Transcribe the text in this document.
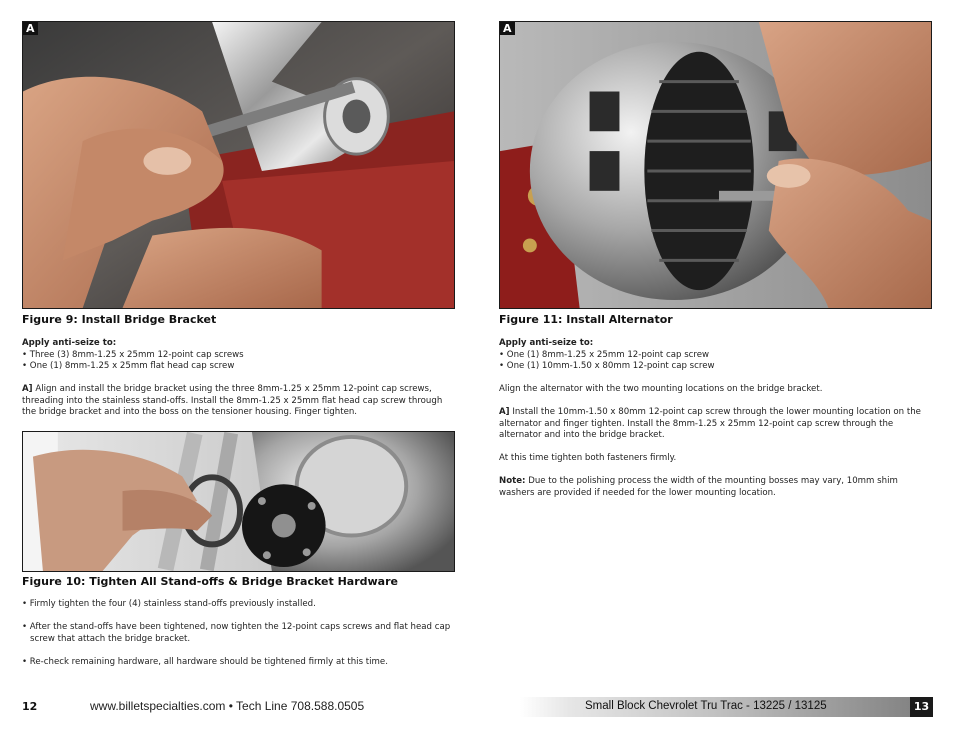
A
Figure 9: Install Bridge Bracket

Apply anti-seize to:

• Three (3) 8mm-1.25 x 25mm 12-point cap screws

• One (1) 8mm-1.25 x 25mm flat head cap screw

A] Align and install the bridge bracket using the three 8mm-1.25 x 25mm 12-point cap screws, threading into the stainless stand-offs. Install the 8mm-1.25 x 25mm flat head cap screw through the bridge bracket and into the boss on the tensioner housing. Finger tighten.

Figure 10: Tighten All Stand-offs & Bridge Bracket Hardware

• Firmly tighten the four (4) stainless stand-offs previously installed.

• After the stand-offs have been tightened, now tighten the 12-point caps screws and flat head cap screw that attach the bridge bracket.

• Re-check remaining hardware, all hardware should be tightened firmly at this time.

12	www.billetspecialties.com • Tech Line 708.588.0505
A
Figure 11: Install Alternator

Apply anti-seize to:

• One (1) 8mm-1.25 x 25mm 12-point cap screw

• One (1) 10mm-1.50 x 80mm 12-point cap screw

Align the alternator with the two mounting locations on the bridge bracket.

A] Install the 10mm-1.50 x 80mm 12-point cap screw through the lower mounting location on the alternator and finger tighten. Install the 8mm-1.25 x 25mm 12-point cap screw through the alternator and into the bridge bracket.

At this time tighten both fasteners firmly.

Note: Due to the polishing process the width of the mounting bosses may vary, 10mm shim washers are provided if needed for the lower mounting location.

Small Block Chevrolet Tru Trac - 13225 / 13125	13
